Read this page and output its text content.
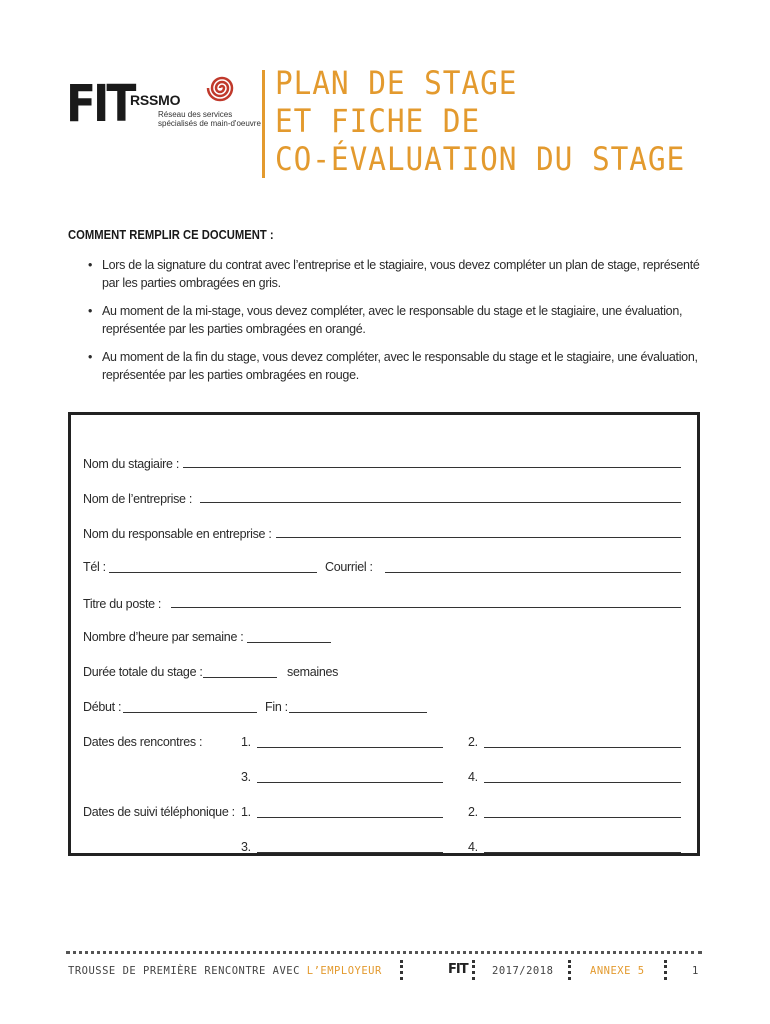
FIT
RSSMO
Réseau des services
spécialisés de main-d'oeuvre
PLAN DE STAGE
ET FICHE DE
CO-ÉVALUATION DU STAGE
COMMENT REMPLIR CE DOCUMENT :
• Lors de la signature du contrat avec l’entreprise et le stagiaire, vous devez compléter un plan de stage, représenté par les parties ombragées en gris.
• Au moment de la mi-stage, vous devez compléter, avec le responsable du stage et le stagiaire, une évaluation, représentée par les parties ombragées en orangé.
• Au moment de la fin du stage, vous devez compléter, avec le responsable du stage et le stagiaire, une évaluation, représentée par les parties ombragées en rouge.
Nom du stagiaire :
Nom de l’entreprise :
Nom du responsable en entreprise :
Tél :	Courriel :
Titre du poste :
Nombre d’heure par semaine :
Durée totale du stage :	semaines
Début :	Fin :
Dates des rencontres :	1.	2.
3.	4.
Dates de suivi téléphonique : 1.	2.
3.	4.
TROUSSE DE PREMIÈRE RENCONTRE AVEC L’EMPLOYEUR	FIT 2017/2018	ANNEXE 5	1
